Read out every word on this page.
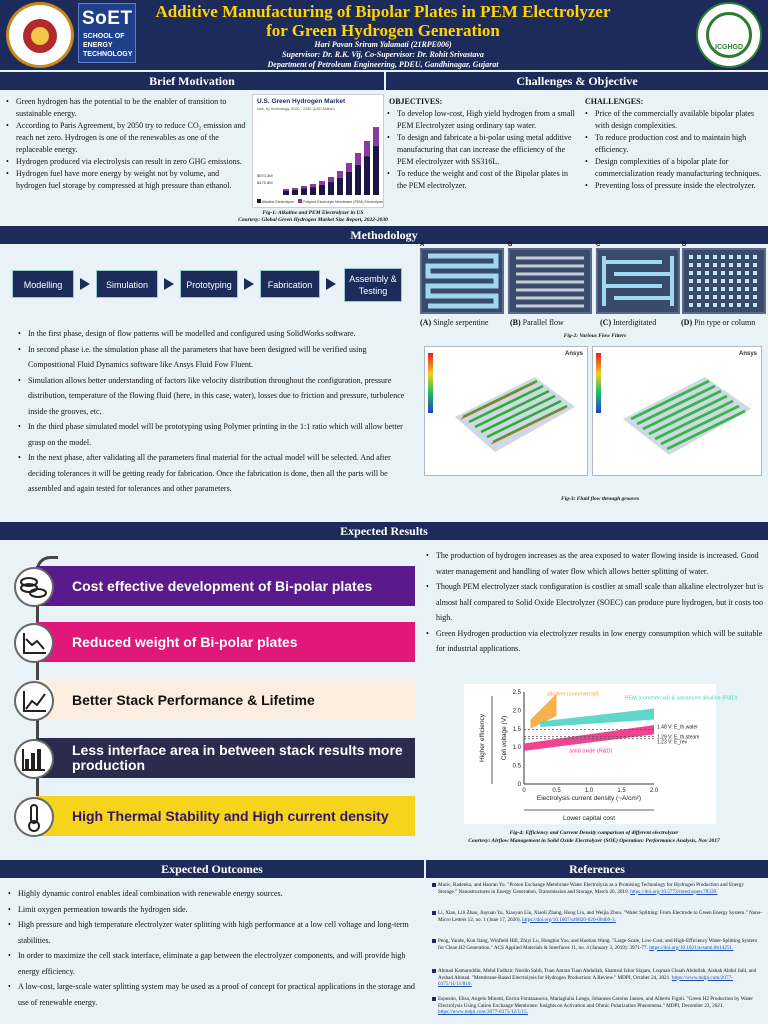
SoET
SCHOOL OF ENERGY TECHNOLOGY
Additive Manufacturing of Bipolar Plates in PEM Electrolyzer
for Green Hydrogen Generation
Hari Pavan Sriram Yalamati (21RPE006)
Supervisor: Dr. R.K. Vij, Co-Supervisor: Dr. Rohit Srivastava
Department of Petroleum Engineering, PDEU, Gandhinagar, Gujarat
ICGHGD
Brief Motivation	Challenges & Objective
Methodology
Expected Results
Expected Outcomes	References
• Green hydrogen has the potential to be the enabler of transition to sustainable energy.
• According to Paris Agreement, by 2050 try to reduce CO₂ emission and reach net zero. Hydrogen is one of the renewables as one of the replaceable energy.
• Hydrogen produced via electrolysis can result in zero GHG emissions.
• Hydrogen fuel have more energy by weight not by volume, and hydrogen fuel storage by compressed at high pressure than ethanol.
U.S. Green Hydrogen Market
size, by technology, 2020 - 2030 (USD Million)
$570.3M
$475.8M
Alkaline Electrolyzer	Polymer Electrolyte Membrane (PEM) Electrolyzer
Fig-1: Alkaline and PEM Electrolyzer in US
Courtesy: Global Green Hydrogen Market Size Report, 2022-2030
OBJECTIVES:
• To develop low-cost, High yield hydrogen from a small PEM Electrolyzer using ordinary tap water.
• To design and fabricate a bi-polar using metal additive manufacturing that can increase the efficiency of the PEM electrolyzer with SS316L.
• To reduce the weight and cost of the Bipolar plates in the PEM electrolyzer.
CHALLENGES:
• Price of the commercially available bipolar plates with design complexities.
• To reduce production cost and to maintain high efficiency.
• Design complexities of a bipolar plate for commercialization ready manufacturing techniques.
• Preventing loss of pressure inside the electrolyzer.
Modelling	Simulation	Prototyping	Fabrication
Assembly & Testing
• In the first phase, design of flow patterns will be modelled and configured using SolidWorks software.
• In second phase i.e. the simulation phase all the parameters that have been designed will be verified using Compositional Fluid Dynamics software like Ansys Fluid Fow Fluent.
• Simulation allows better understanding of factors like velocity distribution throughout the configuration, pressure distribution, temperature of the flowing fluid (here, in this case, water), losses due to friction and pressure, turbulence inside the grooves, etc.
• In the third phase simulated model will be prototyping using Polymer printing in the 1:1 ratio which will allow better grasp on the model.
• In the next phase, after validating all the parameters final material for the actual model will be selected. And after deciding tolerances it will be getting ready for fabrication. Once the fabrication is done, then all the parts will be assembled and again tested for tolerances and other parameters.
A	B	C	D
(A) Single serpentine	(B) Parallel flow	(C) Interdigitated	(D) Pin type or column
Fig-2: Various Flow Fitters
Ansys	Ansys
Fig-3: Fluid flow through grooves
Cost effective development of Bi-polar plates
Reduced weight of Bi-polar plates
Better Stack Performance & Lifetime
Less interface area in between stack results more production
High Thermal Stability and High current density
• The production of hydrogen increases as the area exposed to water flowing inside is increased. Good water management and handling of water flow which allows better splitting of water.
• Though PEM electrolyzer stack configuration is costlier at small scale than alkaline electrolyzer but is almost half compared to Solid Oxide Electrolyzer (SOEC) can produce pure hydrogen, but it costs too high.
• Green Hydrogen production via electrolyzer results in low energy consumption which will be suitable for industrial applications.
alkaline (commercial)
PEM (commercial) & advanced alkaline (R&D)
solid oxide (R&D)
1.48 V: E_th,water
1.29 V: E_th,steam
1.23 V: E_rev
0	0.5	1.0	1.5	2.0
0
0.5
1.0
1.5
2.0
2.5
Electrolysis current density (~A/cm²)
Cell voltage (V)
Higher efficiency
Lower capital cost
Fig-4: Efficiency and Current Density comparison of different electrolyzer
Courtesy: Airflow Management in Solid Oxide Electrolyzer (SOE) Operation: Performance Analysis, Nov 2017
• Highly dynamic control enables ideal combination with renewable energy sources.
• Limit oxygen permeation towards the hydrogen side.
• High pressure and high temperature electrolyzer water splitting with high performance at a low cell voltage and long-term stabilities.
• In order to maximize the cell stack interface, eliminate a gap between the electrolyzer components, and will provide high energy efficiency.
• A low-cost, large-scale water splitting system may be used as a proof of concept for practical applications in the storage and use of renewable energy.
Maric, Radenka, and Haoran Yu. "Proton Exchange Membrane Water Electrolysis as a Promising Technology for Hydrogen Production and Energy Storage." Nanostructures in Energy Generation, Transmission and Storage, March 20, 2019. https://doi.org/10.5772/intechopen.78339.
Li, Xiao, Lili Zhao, Jiayuan Yu, Xiaoyan Liu, Xiaoli Zhang, Hong Liu, and Weijia Zhou. "Water Splitting: From Electrode to Green Energy System." Nano-Micro Letters 12, no. 1 (June 17, 2020). https://doi.org/10.1007/s40820-020-00469-3.
Peng, Yande, Kun Jiang, Winfield Hill, Zhiyi Lu, Hongbin Yao, and Haotian Wang. "Large-Scale, Low-Cost, and High-Efficiency Water-Splitting System for Clean H2 Generation." ACS Applied Materials & Interfaces 11, no. 4 (January 3, 2019): 3971-77. https://doi.org/10.1021/acsami.8b14251.
Ahmad Kamaroddin, Mohd Fadhzir, Nordin Sabli, Tuan Amran Tuan Abdullah, Shamsul Izhar Siajam, Luqman Chuah Abdullah, Aishah Abdul Jalil, and Arshad Ahmad. "Membrane-Based Electrolysis for Hydrogen Production: A Review." MDPI, October 24, 2021. https://www.mdpi.com/2077-0375/11/11/810.
Esposito, Elisa, Angelo Minotti, Enrica Fontananova, Mariagiulia Longo, Johannes Carolus Jansen, and Alberto Figoli. "Green H2 Production by Water Electrolysis Using Cation Exchange Membrane: Insights on Activation and Ohmic Polarization Phenomena." MDPI, December 23, 2021. https://www.mdpi.com/2077-0375/12/1/15.
